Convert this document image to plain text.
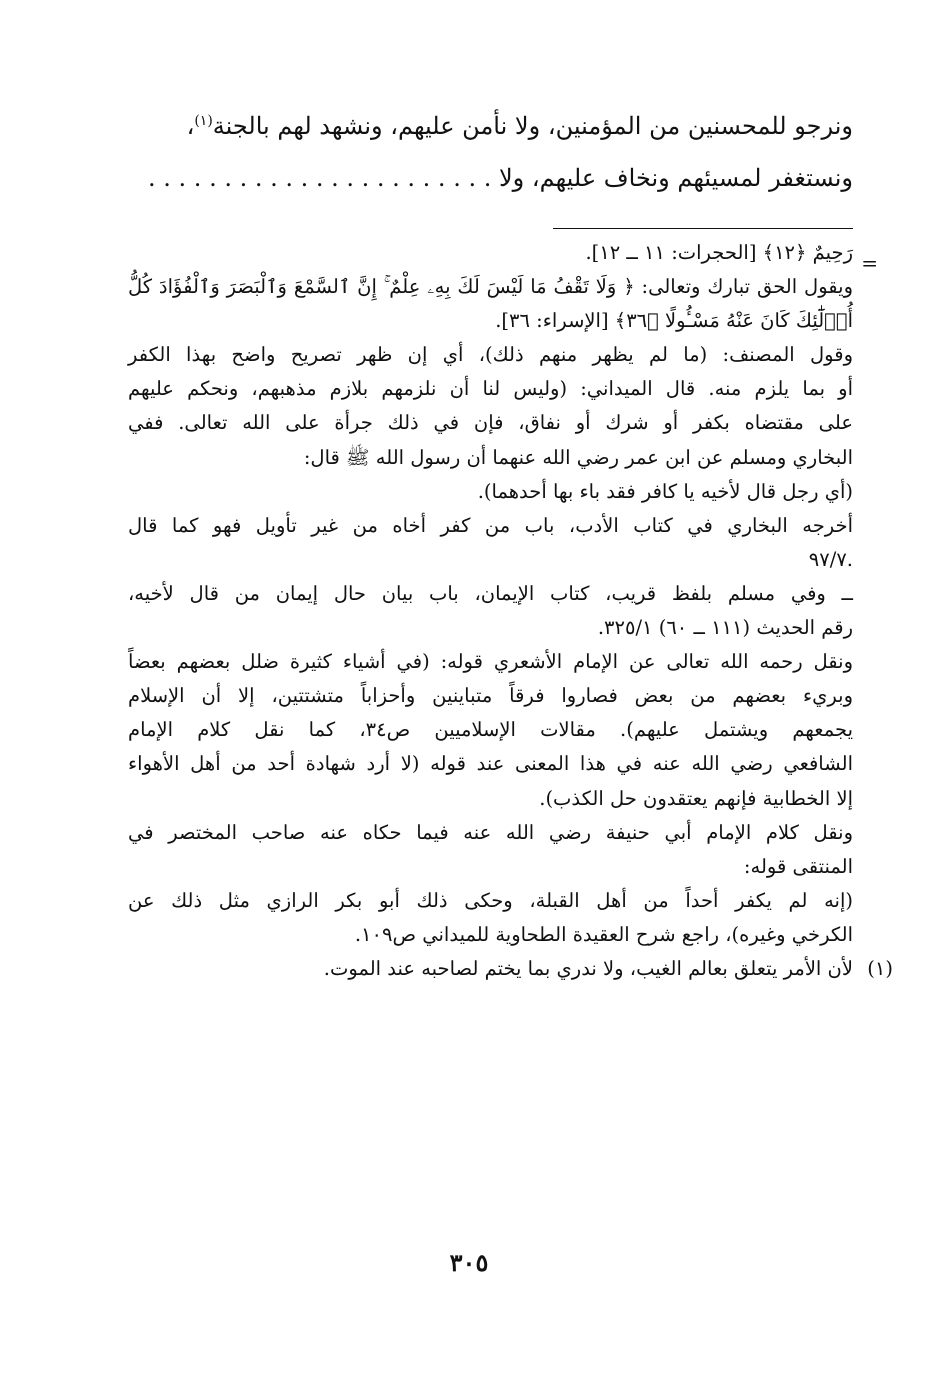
ونرجو للمحسنين من المؤمنين، ولا نأمن عليهم، ونشهد لهم بالجنة$^{(١)}$،
ونستغفر لمسيئهم ونخاف عليهم، ولا . . . . . . . . . . . . . . . . . . . . . . .
=
رَحِيمٌ ﴿١٢﴾ [الحجرات: ١١ ــ ١٢].
ويقول الحق تبارك وتعالى: ﴿ وَلَا تَقْفُ مَا لَيْسَ لَكَ بِهِۦ عِلْمٌ ۚ إِنَّ ٱلسَّمْعَ وَٱلْبَصَرَ وَٱلْفُؤَادَ كُلُّ
أُو۟لَٰٓئِكَ كَانَ عَنْهُ مَسْـُٔولًا ﴿٣٦﴾ [الإسراء: ٣٦].
وقول المصنف: (ما لم يظهر منهم ذلك)، أي إن ظهر تصريح واضح بهذا الكفر
أو بما يلزم منه. قال الميداني: (وليس لنا أن نلزمهم بلازم مذهبهم، ونحكم عليهم
على مقتضاه بكفر أو شرك أو نفاق، فإن في ذلك جرأة على الله تعالى. ففي
البخاري ومسلم عن ابن عمر رضي الله عنهما أن رسول الله ﷺ قال:
(أي رجل قال لأخيه يا كافر فقد باء بها أحدهما).
أخرجه البخاري في كتاب الأدب، باب من كفر أخاه من غير تأويل فهو كما قال
.٩٧/٧
ــ وفي مسلم بلفظ قريب، كتاب الإيمان، باب بيان حال إيمان من قال لأخيه،
رقم الحديث (١١١ ــ ٦٠) ٣٢٥/١.
ونقل رحمه الله تعالى عن الإمام الأشعري قوله: (في أشياء كثيرة ضلل بعضهم بعضاً
وبريء بعضهم من بعض فصاروا فرقاً متباينين وأحزاباً متشتتين، إلا أن الإسلام
يجمعهم ويشتمل عليهم). مقالات الإسلاميين ص٣٤، كما نقل كلام الإمام
الشافعي رضي الله عنه في هذا المعنى عند قوله (لا أرد شهادة أحد من أهل الأهواء
إلا الخطابية فإنهم يعتقدون حل الكذب).
ونقل كلام الإمام أبي حنيفة رضي الله عنه فيما حكاه عنه صاحب المختصر في
المنتقى قوله:
(إنه لم يكفر أحداً من أهل القبلة، وحكى ذلك أبو بكر الرازي مثل ذلك عن
الكرخي وغيره)، راجع شرح العقيدة الطحاوية للميداني ص١٠٩.
(١)لأن الأمر يتعلق بعالم الغيب، ولا ندري بما يختم لصاحبه عند الموت.
٣٠٥
